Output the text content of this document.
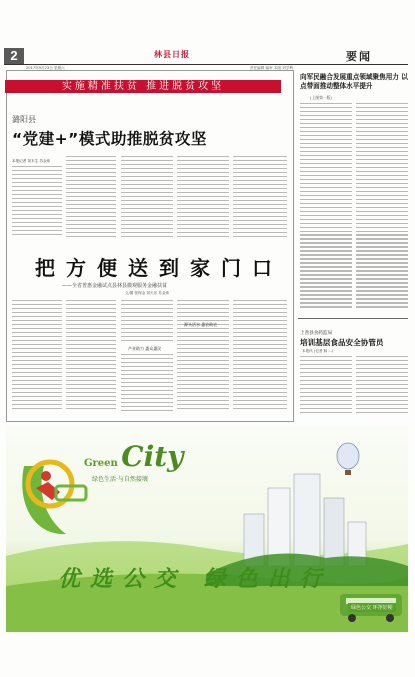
2	林县日报	要闻
2017年9月23日 星期六	责任编辑 编审 本版 刘学利
实施精准扶贫 推进脱贫攻坚
潞阳县
“党建+”模式助推脱贫攻坚
本报记者 刘木生 苏金伟
把方便送到家门口
——全省普惠金融试点县林县微观服务金融扶贫
文/图 张保金 刘天乐 苏金伟
产业助力 惠众惠民
源头活水 惠农助农
向军民融合发展重点领域聚焦用力 以点带面推动整体水平提升
(上接第一版)
上善县食药监局
培训基层食品安全协管员
本报讯 (记者 薛 ...)
Green City
绿色生活·与自然接壤
优选公交 绿色出行
绿色公交 环净好梗
